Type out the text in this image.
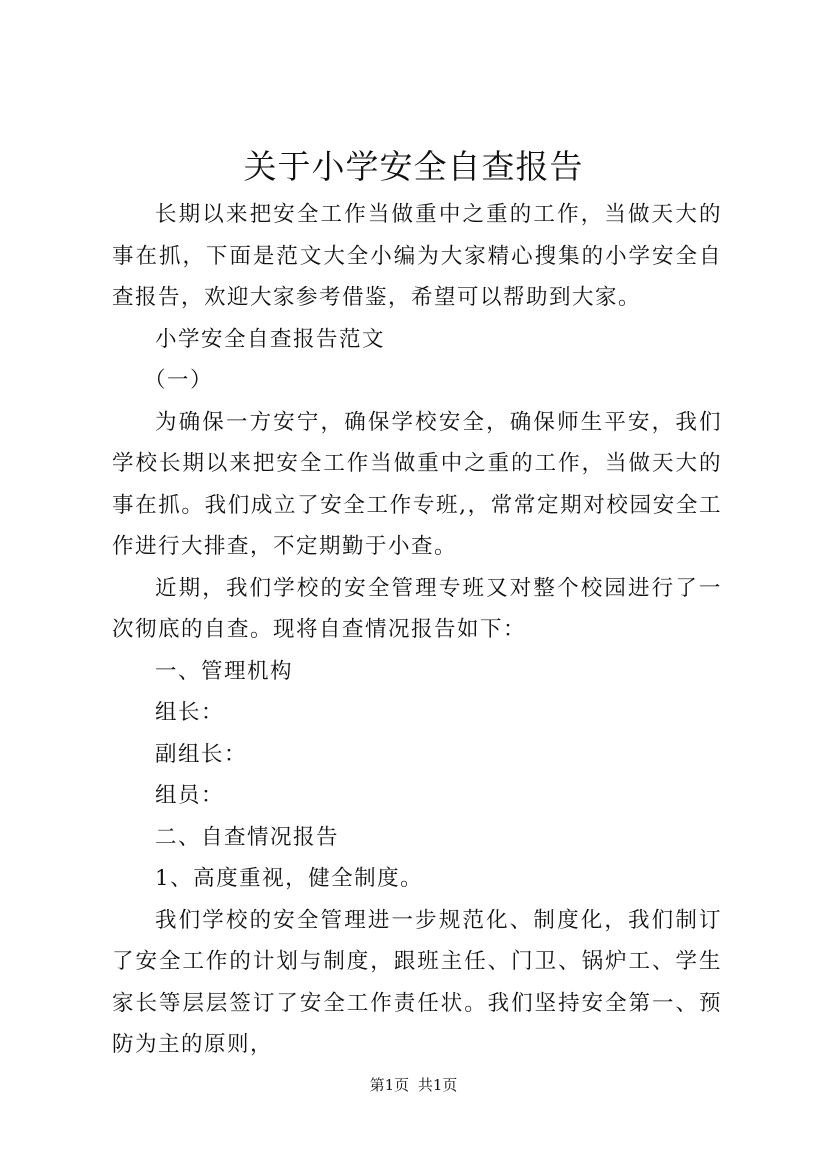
关于小学安全自查报告

长期以来把安全工作当做重中之重的工作，当做天大的事在抓，下面是范文大全小编为大家精心搜集的小学安全自查报告，欢迎大家参考借鉴，希望可以帮助到大家。

小学安全自查报告范文

（一）

为确保一方安宁，确保学校安全，确保师生平安，我们学校长期以来把安全工作当做重中之重的工作，当做天大的事在抓。我们成立了安全工作专班,，常常定期对校园安全工作进行大排查，不定期勤于小查。

近期，我们学校的安全管理专班又对整个校园进行了一次彻底的自查。现将自查情况报告如下：

一、管理机构

组长：

副组长：

组员：

二、自查情况报告

1、高度重视，健全制度。

我们学校的安全管理进一步规范化、制度化，我们制订了安全工作的计划与制度，跟班主任、门卫、锅炉工、学生家长等层层签订了安全工作责任状。我们坚持安全第一、预防为主的原则，

第1页 共1页
